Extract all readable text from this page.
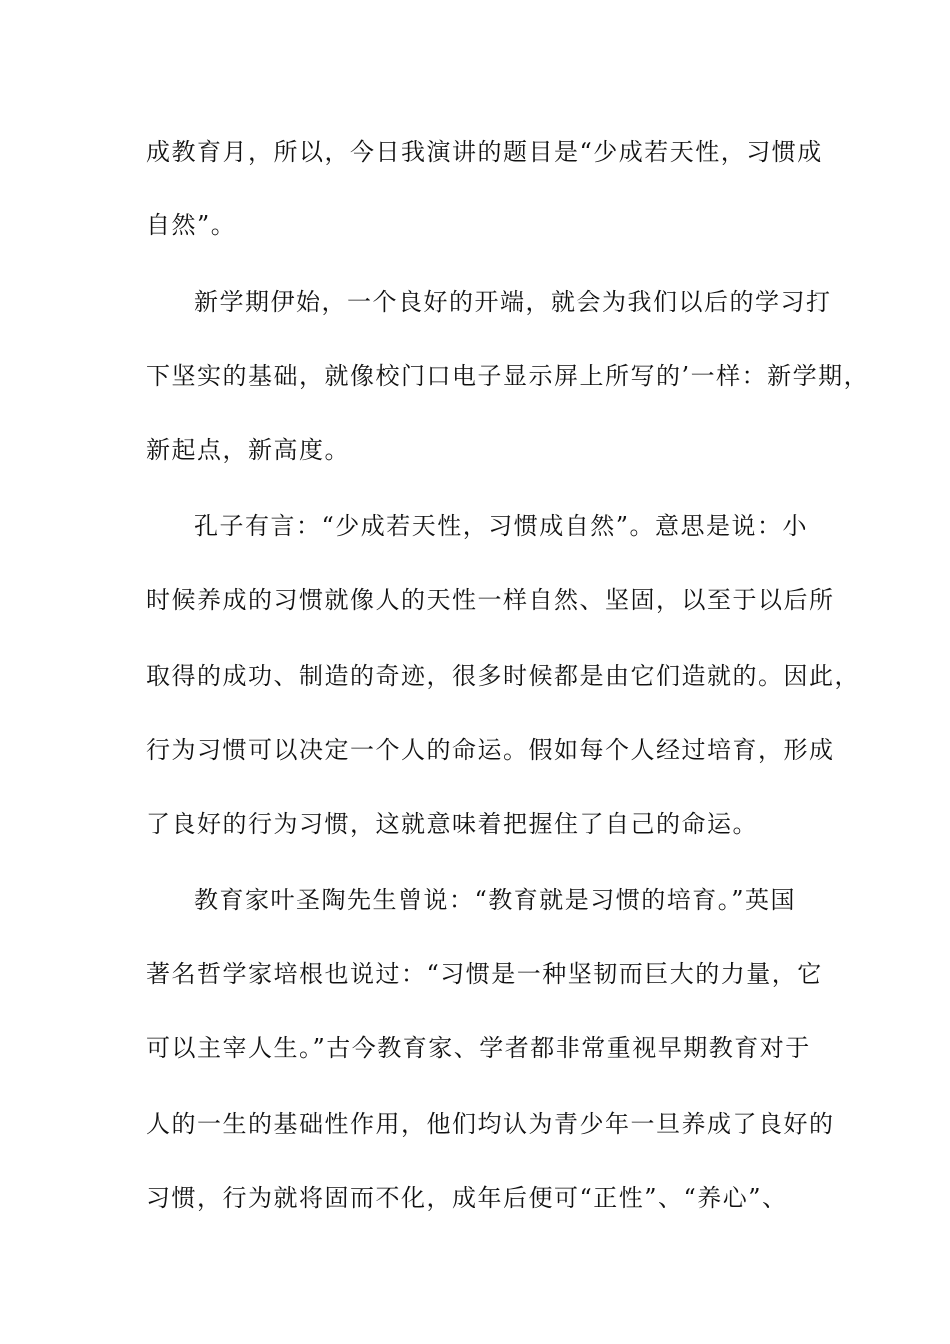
成教育月，所以，今日我演讲的题目是“少成若天性，习惯成
自然”。
新学期伊始，一个良好的开端，就会为我们以后的学习打
下坚实的基础，就像校门口电子显示屏上所写的’一样：新学期，
新起点，新高度。
孔子有言：“少成若天性，习惯成自然”。意思是说：小
时候养成的习惯就像人的天性一样自然、坚固，以至于以后所
取得的成功、制造的奇迹，很多时候都是由它们造就的。因此，
行为习惯可以决定一个人的命运。假如每个人经过培育，形成
了良好的行为习惯，这就意味着把握住了自己的命运。
教育家叶圣陶先生曾说：“教育就是习惯的培育。”英国
著名哲学家培根也说过：“习惯是一种坚韧而巨大的力量，它
可以主宰人生。”古今教育家、学者都非常重视早期教育对于
人的一生的基础性作用，他们均认为青少年一旦养成了良好的
习惯，行为就将固而不化，成年后便可“正性”、“养心”、
